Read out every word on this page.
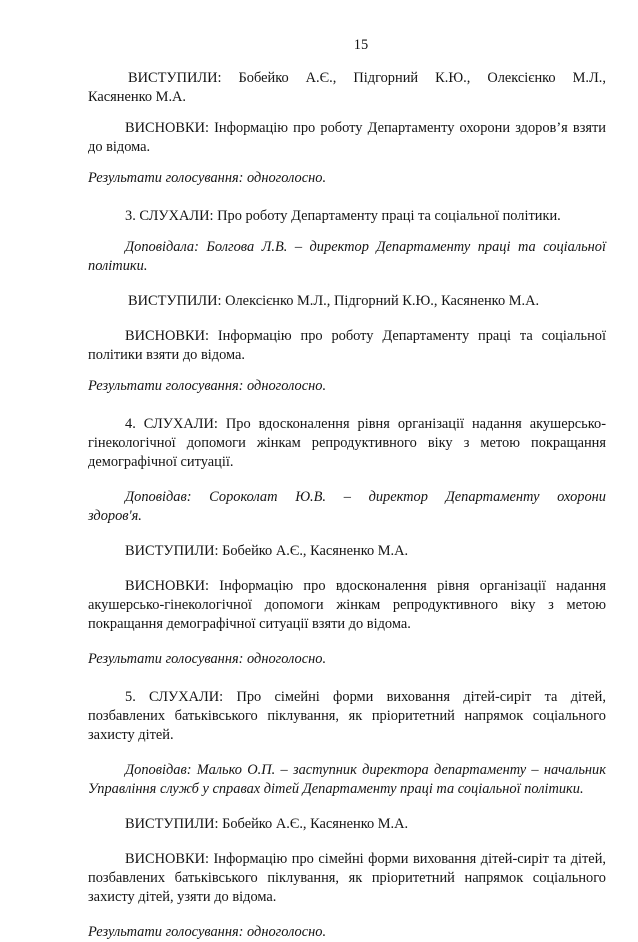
15

ВИСТУПИЛИ: Бобейко А.Є., Підгорний К.Ю., Олексієнко М.Л.,
Касяненко М.А.

ВИСНОВКИ: Інформацію про роботу Департаменту охорони здоров’я взяти до відома.

Результати голосування: одноголосно.

3. СЛУХАЛИ: Про роботу Департаменту праці та соціальної політики.

Доповідала: Болгова Л.В. – директор Департаменту праці та соціальної політики.

ВИСТУПИЛИ: Олексієнко М.Л., Підгорний К.Ю., Касяненко М.А.

ВИСНОВКИ: Інформацію про роботу Департаменту праці та соціальної політики взяти до відома.

Результати голосування: одноголосно.

4. СЛУХАЛИ: Про вдосконалення рівня організації надання акушерсько-гінекологічної допомоги жінкам репродуктивного віку з метою покращання демографічної ситуації.

Доповідав: Сороколат Ю.В. – директор Департаменту охорони здоров'я.

ВИСТУПИЛИ: Бобейко А.Є., Касяненко М.А.

ВИСНОВКИ: Інформацію про вдосконалення рівня організації надання акушерсько-гінекологічної допомоги жінкам репродуктивного віку з метою покращання демографічної ситуації взяти до відома.

Результати голосування: одноголосно.

5. СЛУХАЛИ: Про сімейні форми виховання дітей-сиріт та дітей, позбавлених батьківського піклування, як пріоритетний напрямок соціального захисту дітей.

Доповідав: Малько О.П. – заступник директора департаменту – начальник Управління служб у справах дітей Департаменту праці та соціальної політики.

ВИСТУПИЛИ: Бобейко А.Є., Касяненко М.А.

ВИСНОВКИ: Інформацію про сімейні форми виховання дітей-сиріт та дітей, позбавлених батьківського піклування, як пріоритетний напрямок соціального захисту дітей, узяти до відома.

Результати голосування: одноголосно.
